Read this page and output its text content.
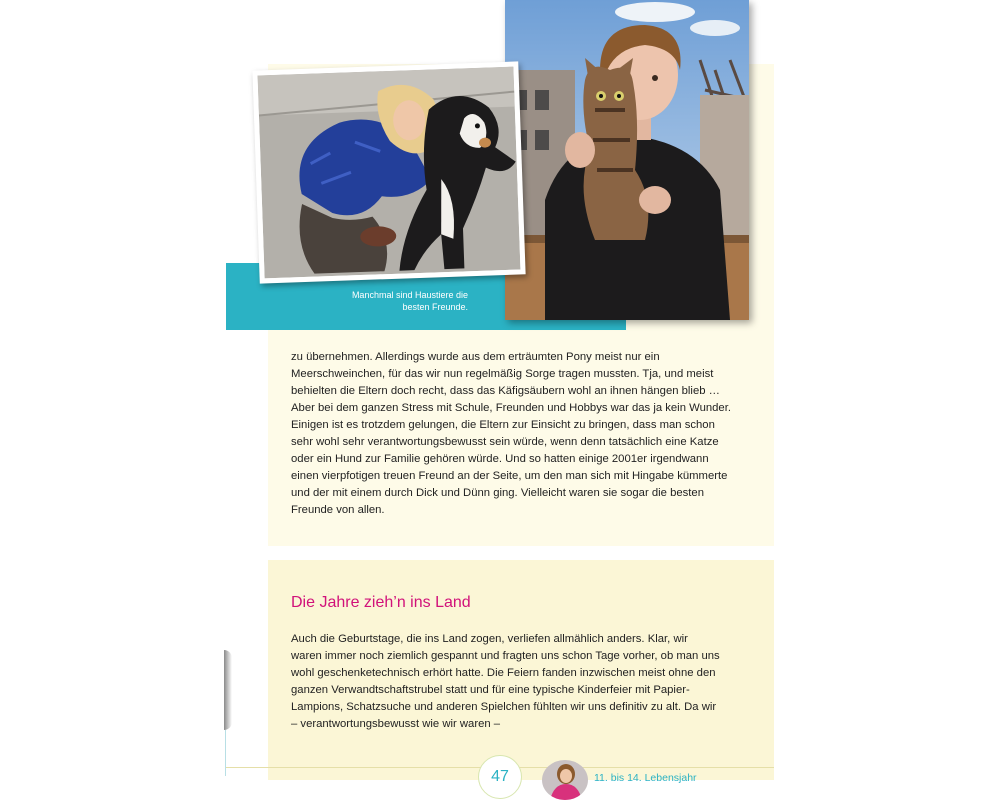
Manchmal sind Haustiere die besten Freunde.

zu übernehmen. Allerdings wurde aus dem erträumten Pony meist nur ein Meerschweinchen, für das wir nun regelmäßig Sorge tragen mussten. Tja, und meist behielten die Eltern doch recht, dass das Käfigsäubern wohl an ihnen hängen blieb … Aber bei dem ganzen Stress mit Schule, Freunden und Hobbys war das ja kein Wunder. Einigen ist es trotzdem gelungen, die Eltern zur Einsicht zu bringen, dass man schon sehr wohl sehr verantwortungsbewusst sein würde, wenn denn tatsächlich eine Katze oder ein Hund zur Familie gehören würde. Und so hatten einige 2001er irgendwann einen vierpfotigen treuen Freund an der Seite, um den man sich mit Hingabe kümmerte und der mit einem durch Dick und Dünn ging. Vielleicht waren sie sogar die besten Freunde von allen.

Die Jahre zieh’n ins Land

Auch die Geburtstage, die ins Land zogen, verliefen allmählich anders. Klar, wir waren immer noch ziemlich gespannt und fragten uns schon Tage vorher, ob man uns wohl geschenketechnisch erhört hatte. Die Feiern fanden inzwischen meist ohne den ganzen Verwandtschaftstrubel statt und für eine typische Kinderfeier mit Papier-Lampions, Schatzsuche und anderen Spielchen fühlten wir uns definitiv zu alt. Da wir – verantwortungsbewusst wie wir waren –

47	11. bis 14. Lebensjahr
